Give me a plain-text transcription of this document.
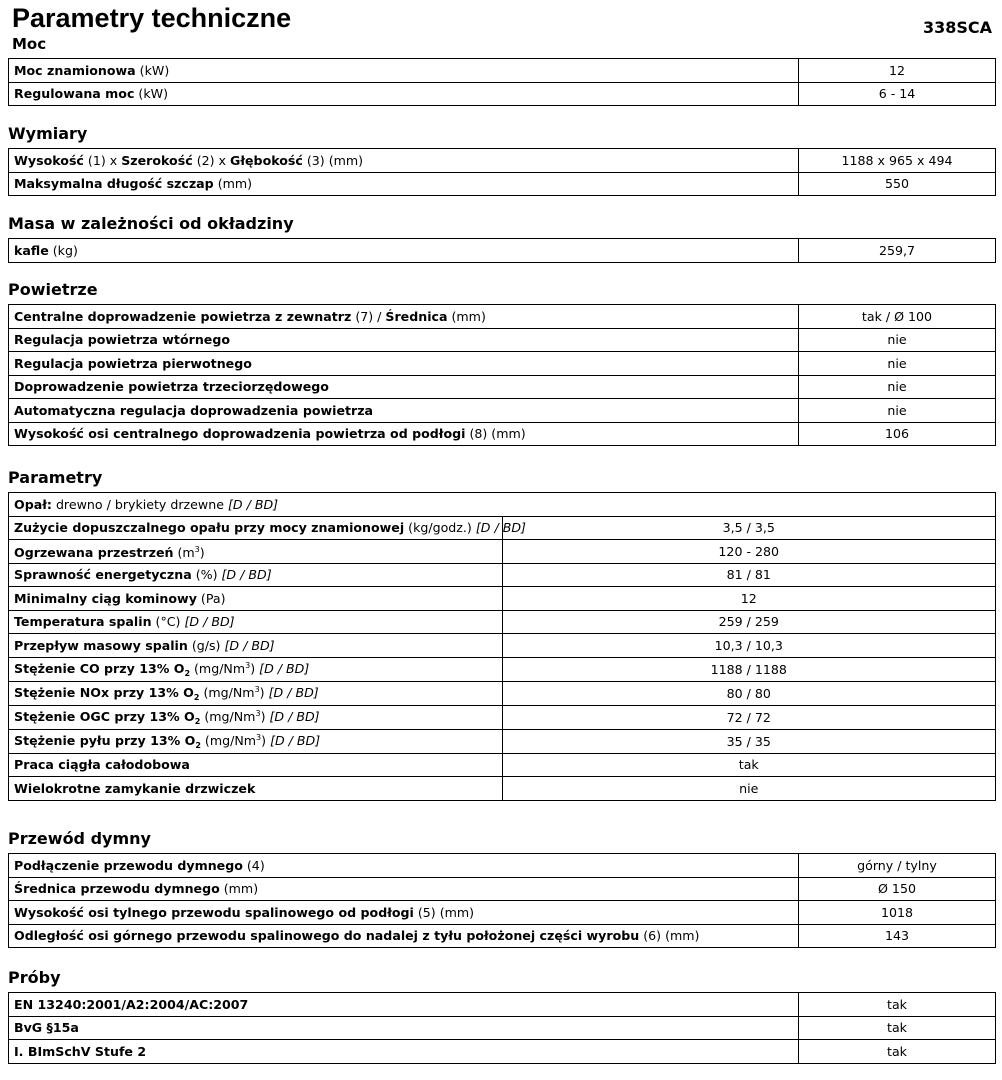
Parametry techniczne	338SCA
Moc
Moc znamionowa (kW)	12
Regulowana moc (kW)	6 - 14
Wymiary
Wysokość (1) x Szerokość (2) x Głębokość (3) (mm)	1188 x 965 x 494
Maksymalna długość szczap (mm)	550
Masa w zależności od okładziny
kafle (kg)	259,7
Powietrze
Centralne doprowadzenie powietrza z zewnatrz (7) / Średnica (mm)	tak / Ø 100
Regulacja powietrza wtórnego	nie
Regulacja powietrza pierwotnego	nie
Doprowadzenie powietrza trzeciorzędowego	nie
Automatyczna regulacja doprowadzenia powietrza	nie
Wysokość osi centralnego doprowadzenia powietrza od podłogi (8) (mm)	106
Parametry
Opał: drewno / brykiety drzewne [D / BD]	
Zużycie dopuszczalnego opału przy mocy znamionowej (kg/godz.) [D / BD]	3,5 / 3,5
Ogrzewana przestrzeń $(m^3)$	120 - 280
Sprawność energetyczna (%) [D / BD]	81 / 81
Minimalny ciąg kominowy (Pa)	12
Temperatura spalin (°C) [D / BD]	259 / 259
Przepływ masowy spalin (g/s) [D / BD]	10,3 / 10,3
Stężenie CO przy 13% $O_2$ (mg/Nm$^3$) [D / BD]	1188 / 1188
Stężenie NOx przy 13% $O_2$ (mg/Nm$^3$) [D / BD]	80 / 80
Stężenie OGC przy 13% $O_2$ (mg/Nm$^3$) [D / BD]	72 / 72
Stężenie pyłu przy 13% $O_2$ (mg/Nm$^3$) [D / BD]	35 / 35
Praca ciągła całodobowa	tak
Wielokrotne zamykanie drzwiczek	nie
Przewód dymny
Podłączenie przewodu dymnego (4)	górny / tylny
Średnica przewodu dymnego (mm)	Ø 150
Wysokość osi tylnego przewodu spalinowego od podłogi (5) (mm)	1018
Odległość osi górnego przewodu spalinowego do nadalej z tyłu położonej części wyrobu (6) (mm)	143
Próby
EN 13240:2001/A2:2004/AC:2007	tak
BvG §15a	tak
I. BImSchV Stufe 2	tak
